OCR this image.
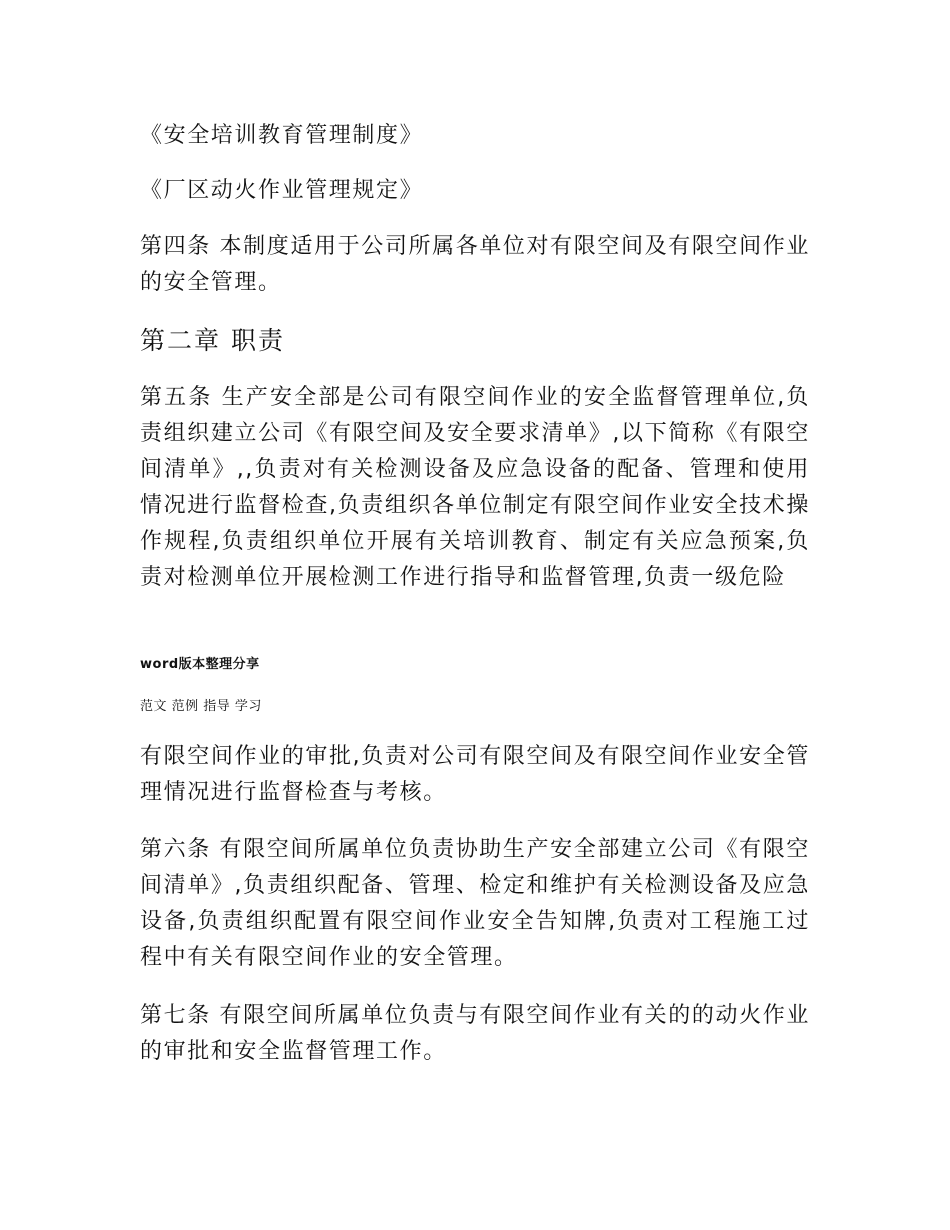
《安全培训教育管理制度》

《厂区动火作业管理规定》

第四条 本制度适用于公司所属各单位对有限空间及有限空间作业的安全管理。

第二章 职责

第五条 生产安全部是公司有限空间作业的安全监督管理单位,负责组织建立公司《有限空间及安全要求清单》,以下简称《有限空间清单》,,负责对有关检测设备及应急设备的配备、管理和使用情况进行监督检查,负责组织各单位制定有限空间作业安全技术操作规程,负责组织单位开展有关培训教育、制定有关应急预案,负责对检测单位开展检测工作进行指导和监督管理,负责一级危险

word版本整理分享

范文 范例 指导 学习

有限空间作业的审批,负责对公司有限空间及有限空间作业安全管理情况进行监督检查与考核。

第六条 有限空间所属单位负责协助生产安全部建立公司《有限空间清单》,负责组织配备、管理、检定和维护有关检测设备及应急设备,负责组织配置有限空间作业安全告知牌,负责对工程施工过程中有关有限空间作业的安全管理。

第七条 有限空间所属单位负责与有限空间作业有关的的动火作业的审批和安全监督管理工作。
